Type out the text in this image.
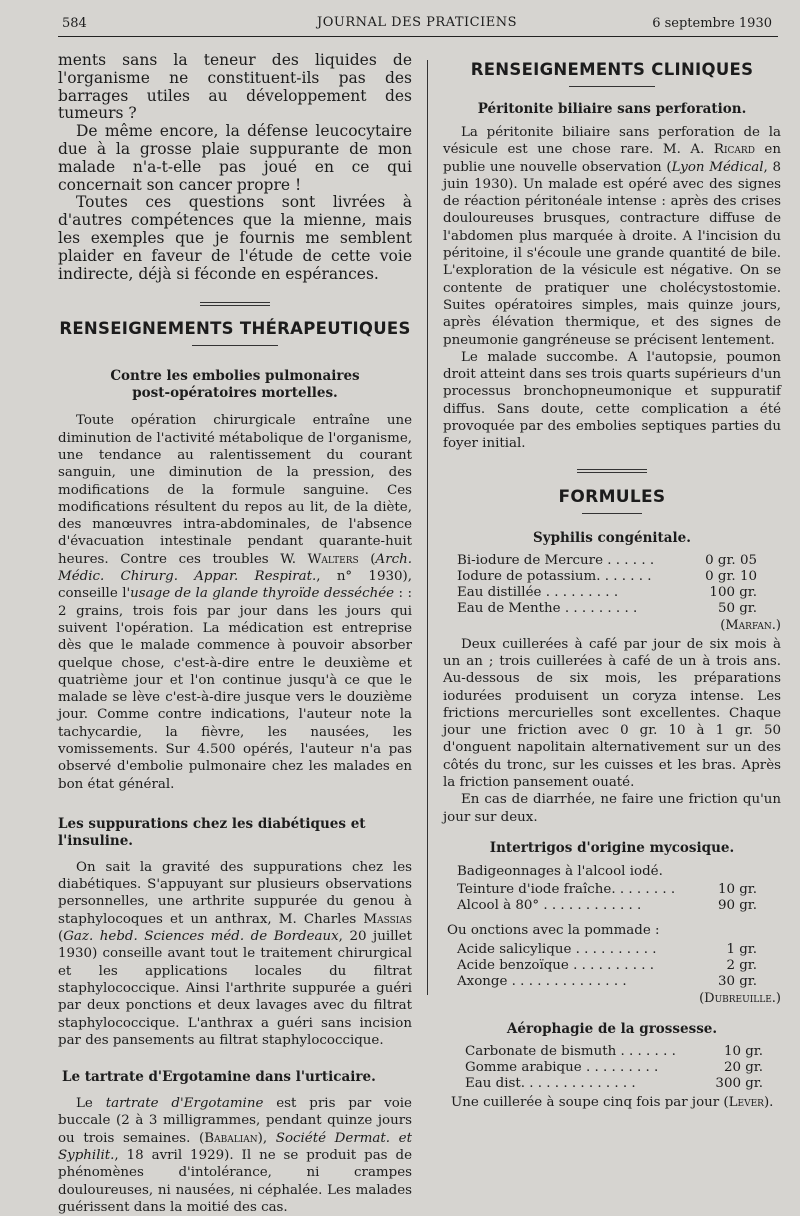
584	JOURNAL DES PRATICIENS	6 septembre 1930

ments sans la teneur des liquides de l'organisme ne constituent-ils pas des barrages utiles au développement des tumeurs ?

De même encore, la défense leucocytaire due à la grosse plaie suppurante de mon malade n'a-t-elle pas joué en ce qui concernait son cancer propre !

Toutes ces questions sont livrées à d'autres compétences que la mienne, mais les exemples que je fournis me semblent plaider en faveur de l'étude de cette voie indirecte, déjà si féconde en espérances.

RENSEIGNEMENTS THÉRAPEUTIQUES
Contre les embolies pulmonaires
post-opératoires mortelles.

Toute opération chirurgicale entraîne une diminution de l'activité métabolique de l'organisme, une tendance au ralentissement du courant sanguin, une diminution de la pression, des modifications de la formule sanguine. Ces modifications résultent du repos au lit, de la diète, des manœuvres intra-abdominales, de l'absence d'évacuation intestinale pendant quarante-huit heures. Contre ces troubles W. Walters (Arch. Médic. Chirurg. Appar. Respirat., n° 1930), conseille l'usage de la glande thyroïde desséchée : : 2 grains, trois fois par jour dans les jours qui suivent l'opération. La médication est entreprise dès que le malade commence à pouvoir absorber quelque chose, c'est-à-dire entre le deuxième et quatrième jour et l'on continue jusqu'à ce que le malade se lève c'est-à-dire jusque vers le douzième jour. Comme contre indications, l'auteur note la tachycardie, la fièvre, les nausées, les vomissements. Sur 4.500 opérés, l'auteur n'a pas observé d'embolie pulmonaire chez les malades en bon état général.

Les suppurations chez les diabétiques et l'insuline.

On sait la gravité des suppurations chez les diabétiques. S'appuyant sur plusieurs observations personnelles, une arthrite suppurée du genou à staphylocoques et un anthrax, M. Charles Massias (Gaz. hebd. Sciences méd. de Bordeaux, 20 juillet 1930) conseille avant tout le traitement chirurgical et les applications locales du filtrat staphylococcique. Ainsi l'arthrite suppurée a guéri par deux ponctions et deux lavages avec du filtrat staphylococcique. L'anthrax a guéri sans incision par des pansements au filtrat staphylococcique.

Le tartrate d'Ergotamine dans l'urticaire.

Le tartrate d'Ergotamine est pris par voie buccale (2 à 3 milligrammes, pendant quinze jours ou trois semaines. (Babalian), Société Dermat. et Syphilit., 18 avril 1929). Il ne se produit pas de phénomènes d'intolérance, ni crampes douloureuses, ni nausées, ni céphalée. Les malades guérissent dans la moitié des cas.

RENSEIGNEMENTS CLINIQUES
Péritonite biliaire sans perforation.

La péritonite biliaire sans perforation de la vésicule est une chose rare. M. A. Ricard en publie une nouvelle observation (Lyon Médical, 8 juin 1930). Un malade est opéré avec des signes de réaction péritonéale intense : après des crises douloureuses brusques, contracture diffuse de l'abdomen plus marquée à droite. A l'incision du péritoine, il s'écoule une grande quantité de bile. L'exploration de la vésicule est négative. On se contente de pratiquer une cholécystostomie. Suites opératoires simples, mais quinze jours, après élévation thermique, et des signes de pneumonie gangréneuse se précisent lentement.

Le malade succombe. A l'autopsie, poumon droit atteint dans ses trois quarts supérieurs d'un processus bronchopneumonique et suppuratif diffus. Sans doute, cette complication a été provoquée par des embolies septiques parties du foyer initial.

FORMULES
Syphilis congénitale.
Bi-iodure de Mercure . . . . . .	0 gr. 05
Iodure de potassium. . . . . . .	0 gr. 10
Eau distillée . . . . . . . . .	100 gr.
Eau de Menthe . . . . . . . . .	50 gr.
(Marfan.)

Deux cuillerées à café par jour de six mois à un an ; trois cuillerées à café de un à trois ans. Au-dessous de six mois, les préparations iodurées produisent un coryza intense. Les frictions mercurielles sont excellentes. Chaque jour une friction avec 0 gr. 10 à 1 gr. 50 d'onguent napolitain alternativement sur un des côtés du tronc, sur les cuisses et les bras. Après la friction pansement ouaté.

En cas de diarrhée, ne faire une friction qu'un jour sur deux.

Intertrigos d'origine mycosique.

Badigeonnages à l'alcool iodé.

Teinture d'iode fraîche. . . . . . . .	10 gr.
Alcool à 80° . . . . . . . . . . . .	90 gr.

Ou onctions avec la pommade :

Acide salicylique . . . . . . . . . .	1 gr.
Acide benzoïque . . . . . . . . . .	2 gr.
Axonge . . . . . . . . . . . . . .	30 gr.
(Dubreuille.)
Aérophagie de la grossesse.
Carbonate de bismuth . . . . . . .	10 gr.
Gomme arabique . . . . . . . . .	20 gr.
Eau dist. . . . . . . . . . . . . .	300 gr.

Une cuillerée à soupe cinq fois par jour (Lever).
